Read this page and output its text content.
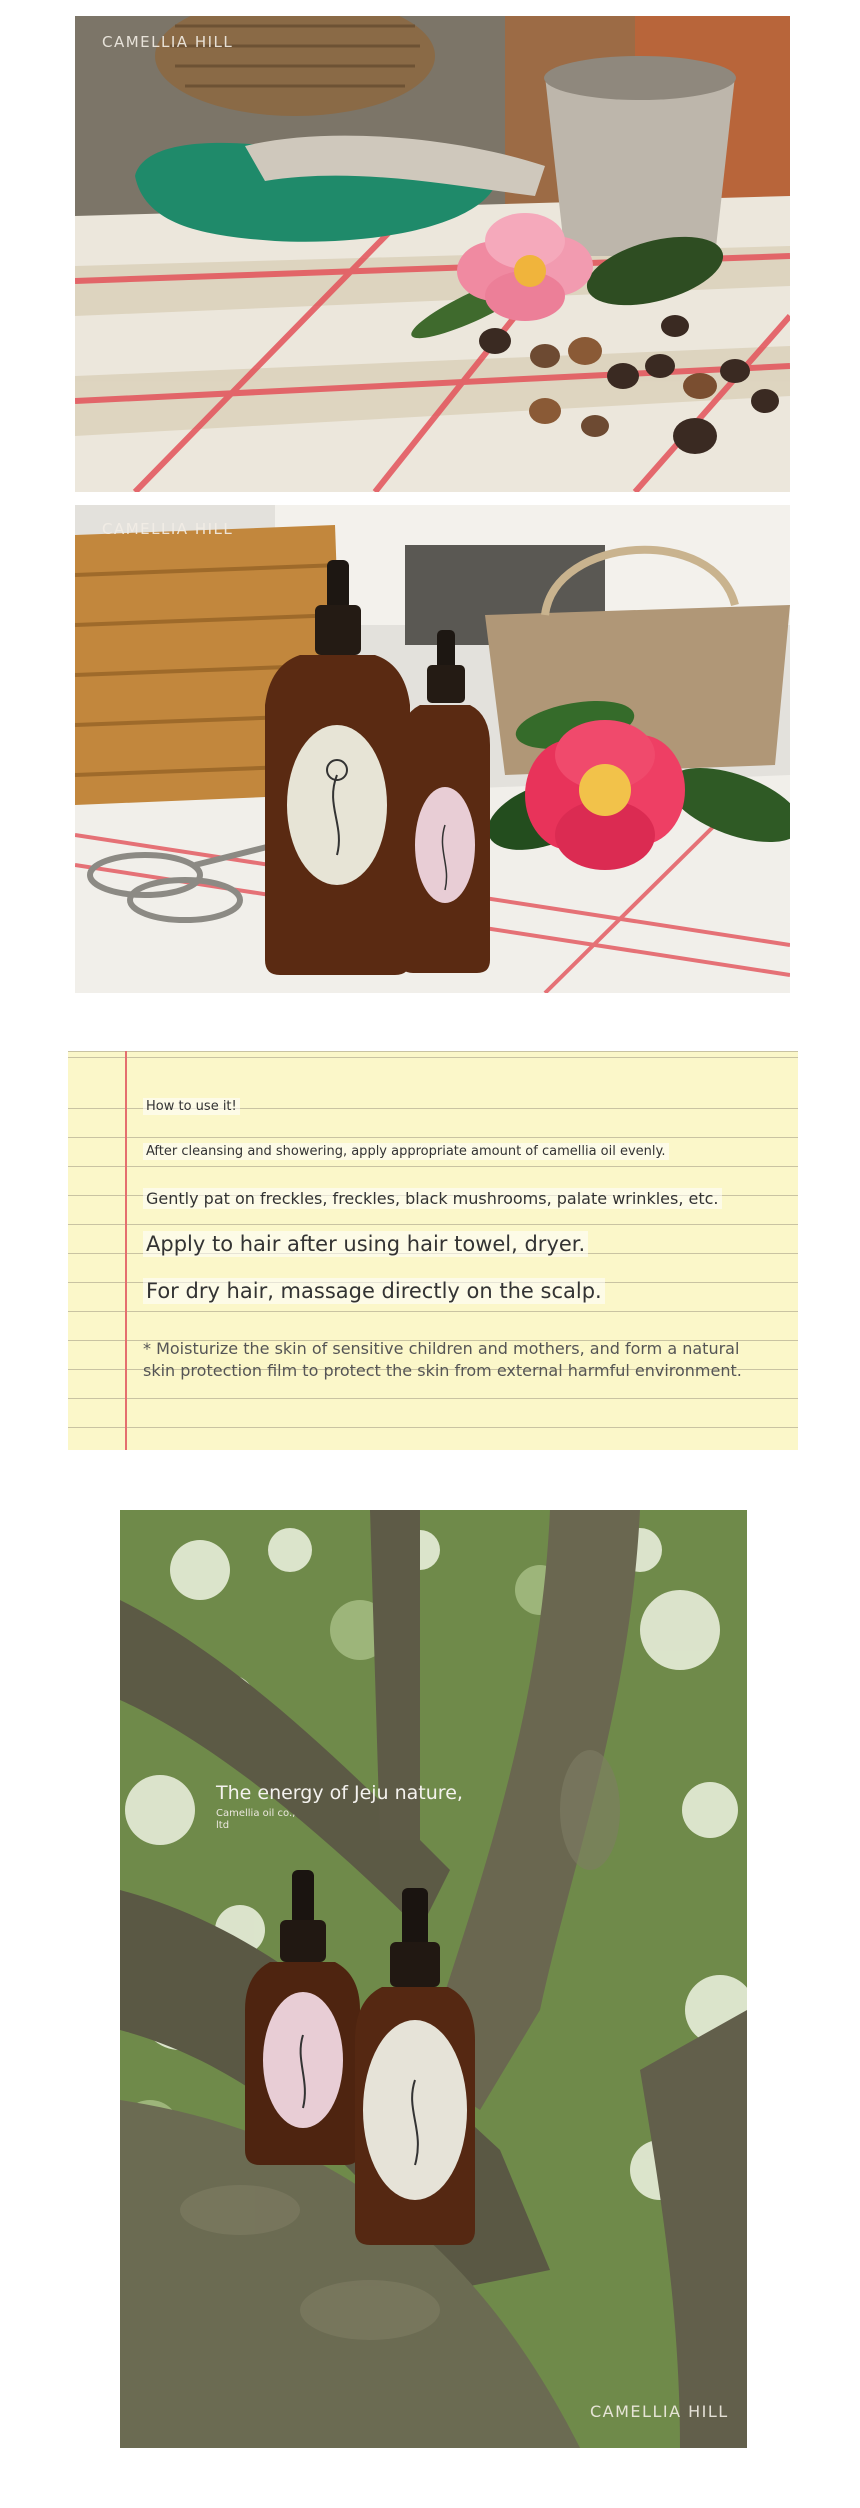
CAMELLIA HILL
CAMELLIA HILL
How to use it!
After cleansing and showering, apply appropriate amount of camellia oil evenly.
Gently pat on freckles, freckles, black mushrooms, palate wrinkles, etc.
Apply to hair after using hair towel, dryer.
For dry hair, massage directly on the scalp.
* Moisturize the skin of sensitive children and mothers, and form a natural skin protection film to protect the skin from external harmful environment.
The energy of Jeju nature,
Camellia oil co., ltd
CAMELLIA HILL
